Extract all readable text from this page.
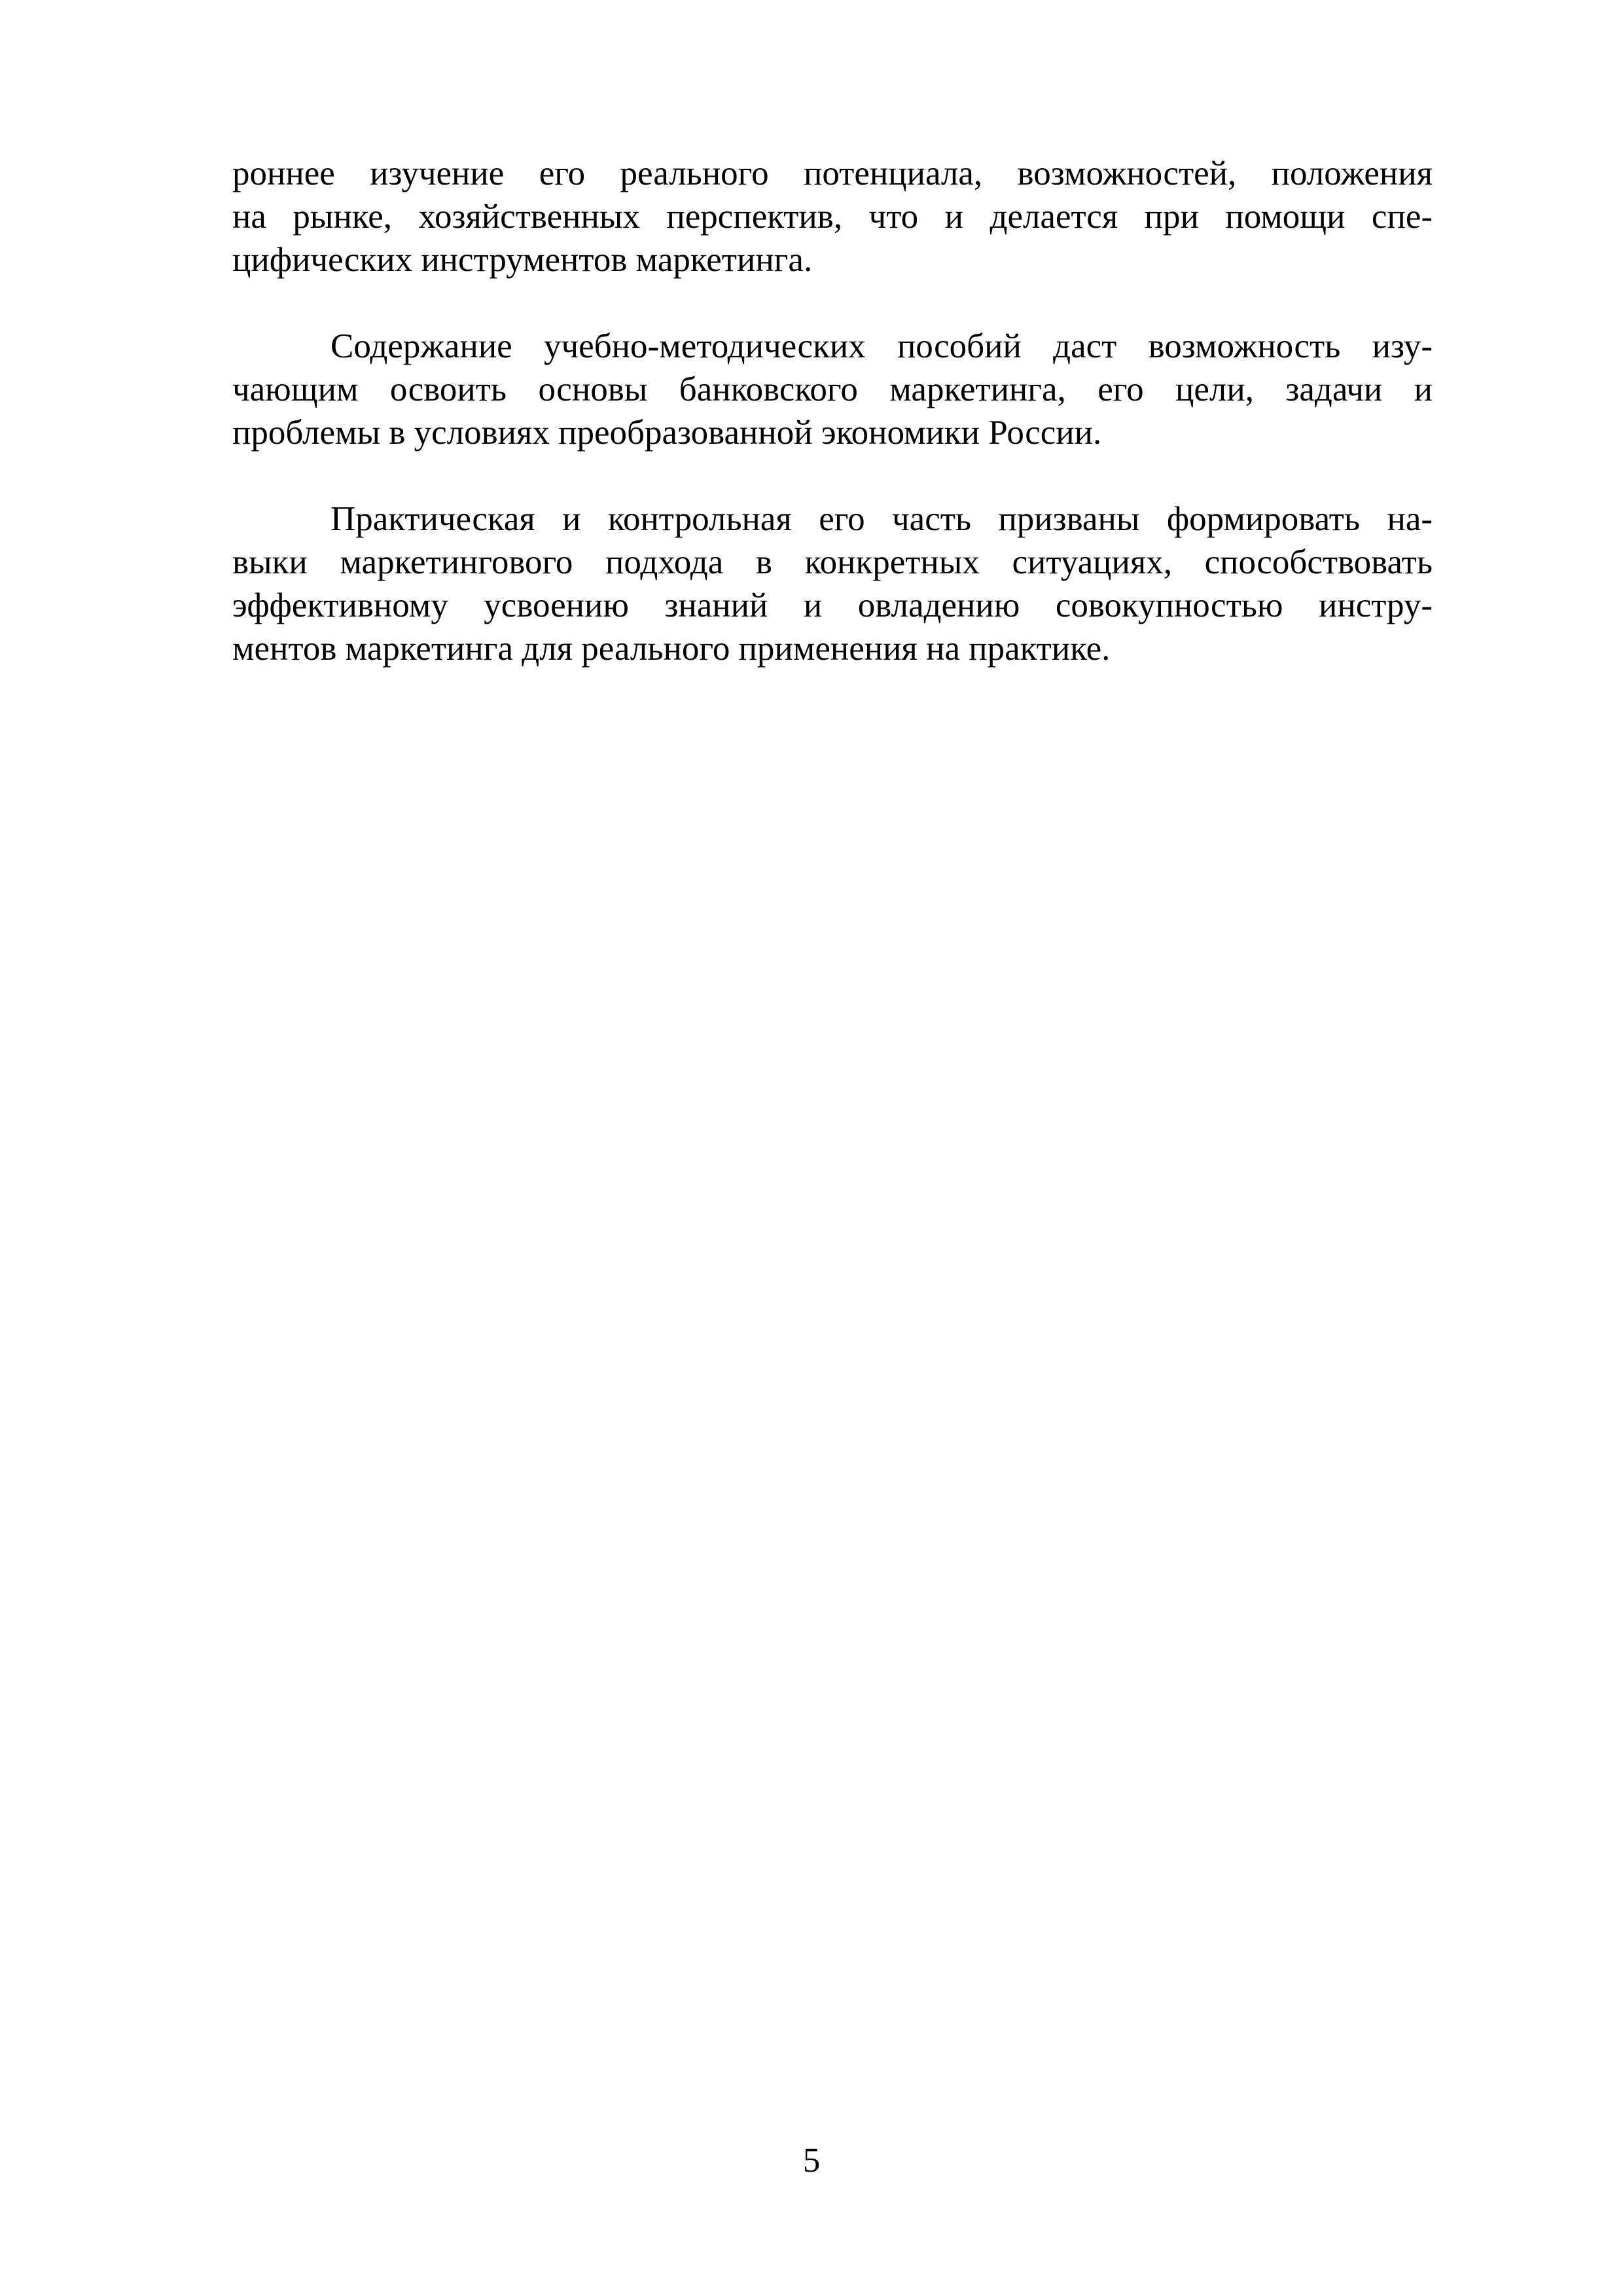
роннее изучение его реального потенциала, возможностей, положения
на рынке, хозяйственных перспектив, что и делается при помощи спе-
цифических инструментов маркетинга.

Содержание учебно-методических пособий даст возможность изу-
чающим освоить основы банковского маркетинга, его цели, задачи и
проблемы в условиях преобразованной экономики России.

Практическая и контрольная его часть призваны формировать на-
выки маркетингового подхода в конкретных ситуациях, способствовать
эффективному усвоению знаний и овладению совокупностью инстру-
ментов маркетинга для реального применения на практике.

5
